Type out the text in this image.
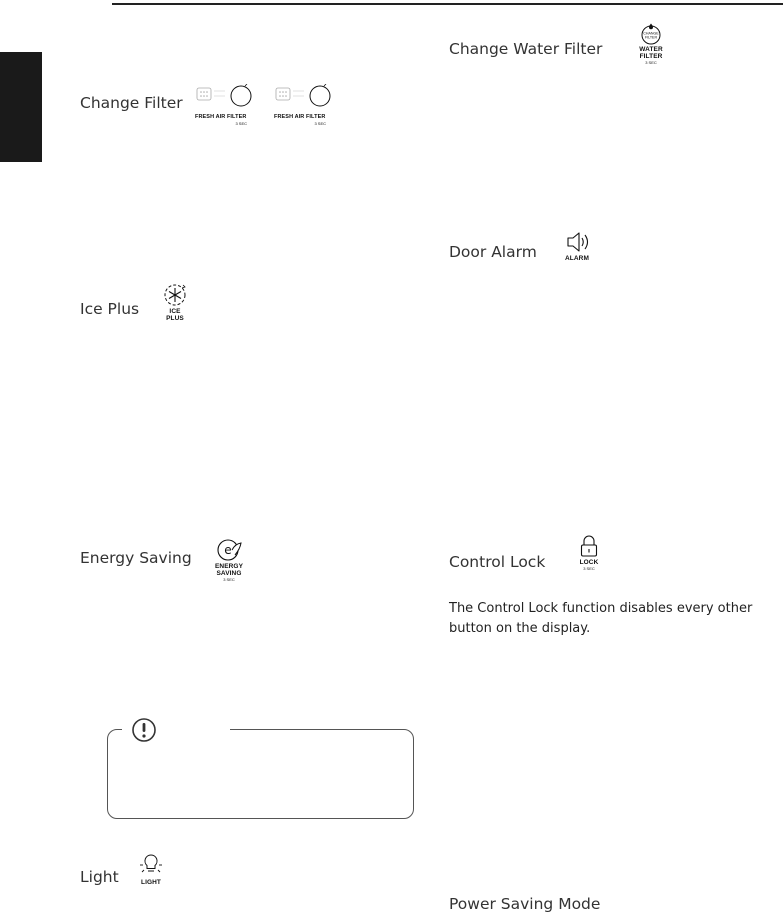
Change Filter
FRESH AIR FILTER
3 SEC
FRESH AIR FILTER
3 SEC
Ice Plus	ICE
PLUS
Energy Saving	e
ENERGY
SAVING
3 SEC
Light	LIGHT
Change Water Filter
CHANGE
FILTER
WATER
FILTER
3 SEC
Door Alarm	ALARM
Control Lock	LOCK
3 SEC
The Control Lock function disables every other
button on the display.
Power Saving Mode
